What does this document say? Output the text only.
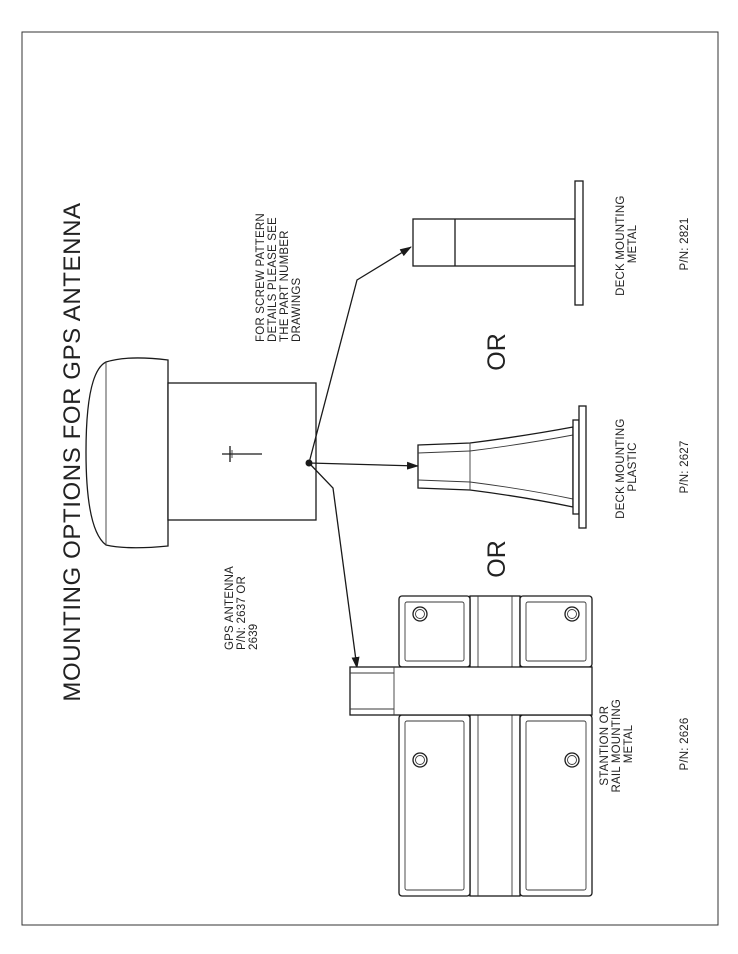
MOUNTING OPTIONS FOR GPS ANTENNA	GPS ANTENNA P/N: 2637 OR 2639
FOR SCREW PATTERN DETAILS PLEASE SEE THE PART NUMBER DRAWINGS
DECK MOUNTING METAL	P/N: 2821
DECK MOUNTING PLASTIC	P/N: 2627
OR
OR
STANTION OR RAIL MOUNTING METAL	P/N: 2626
